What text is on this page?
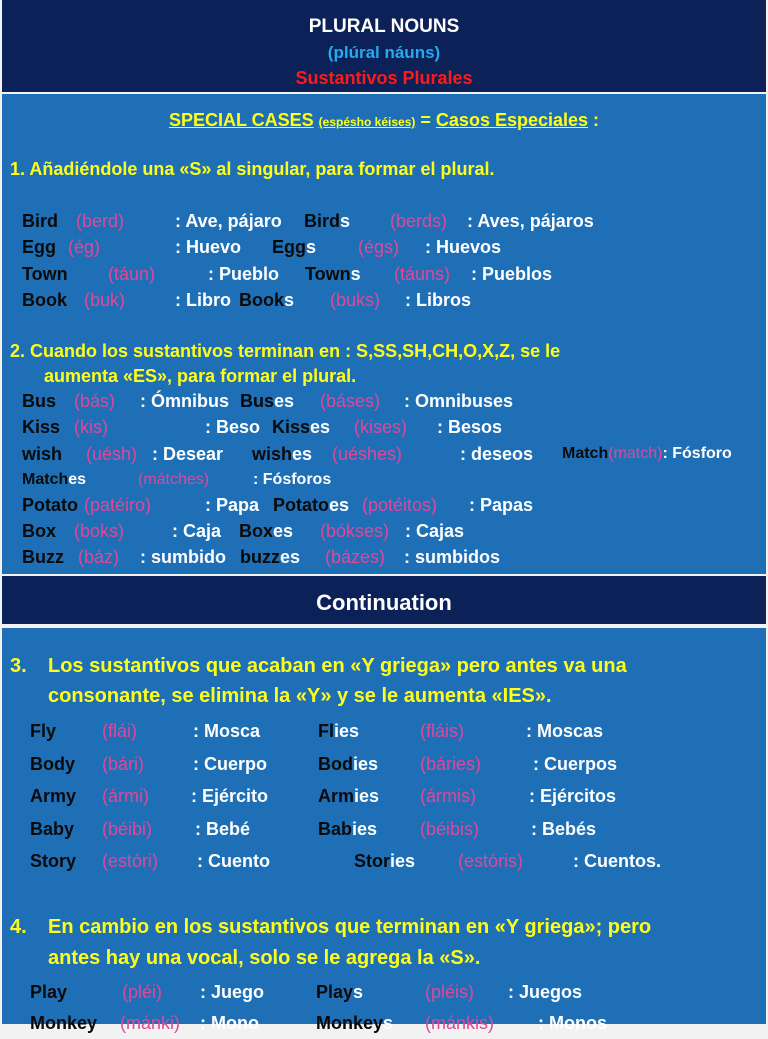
PLURAL NOUNS
(plúral náuns)
Sustantivos Plurales
SPECIAL CASES (espésho kéises) = Casos Especiales :
1. Añadiéndole una «S» al singular, para formar el plural.
Bird (berd)	: Ave, pájaro Birds (berds) : Aves, pájaros
Egg (ég)	: Huevo Eggs (égs) : Huevos
Town (táun)	: Pueblo Towns (táuns) : Pueblos
Book (buk)	: Libro Books (buks) : Libros
2. Cuando los sustantivos terminan en : S,SS,SH,CH,O,X,Z, se le
aumenta «ES», para formar el plural.
Bus (bás) : Ómnibus Buses (báses) : Omnibuses
Kiss (kis)	: Beso Kisses (kises) : Besos
wish (uésh) : Desear wishes (uéshes)	: deseos Match(match): Fósforo
Matches	(mátches)	: Fósforos
Potato (patéiro)	: Papa Potatoes (potéitos) : Papas
Box (boks)	: Caja Boxes (bókses) : Cajas
Buzz (báz) : sumbido buzzes (bázes) : sumbidos
Continuation
3. Los sustantivos que acaban en «Y griega» pero antes va una
consonante, se elimina la «Y» y se le aumenta «IES».
Fly	(flái)	: Mosca	Flies	(fláis)	: Moscas
Body (bári)	: Cuerpo	Bodies (báries)	: Cuerpos
Army (ármi) : Ejército	Armies (ármis)	: Ejércitos
Baby (béibi) : Bebé	Babies (béibis)	: Bebés
Story (estóri) : Cuento	Stories (estóris)	: Cuentos.
4. En cambio en los sustantivos que terminan en «Y griega»; pero
antes hay una vocal, solo se le agrega la «S».
Play	(pléi) : Juego	Plays	(pléis) : Juegos
Monkey (mánki) : Mono	Monkeys (mánkis) : Monos
